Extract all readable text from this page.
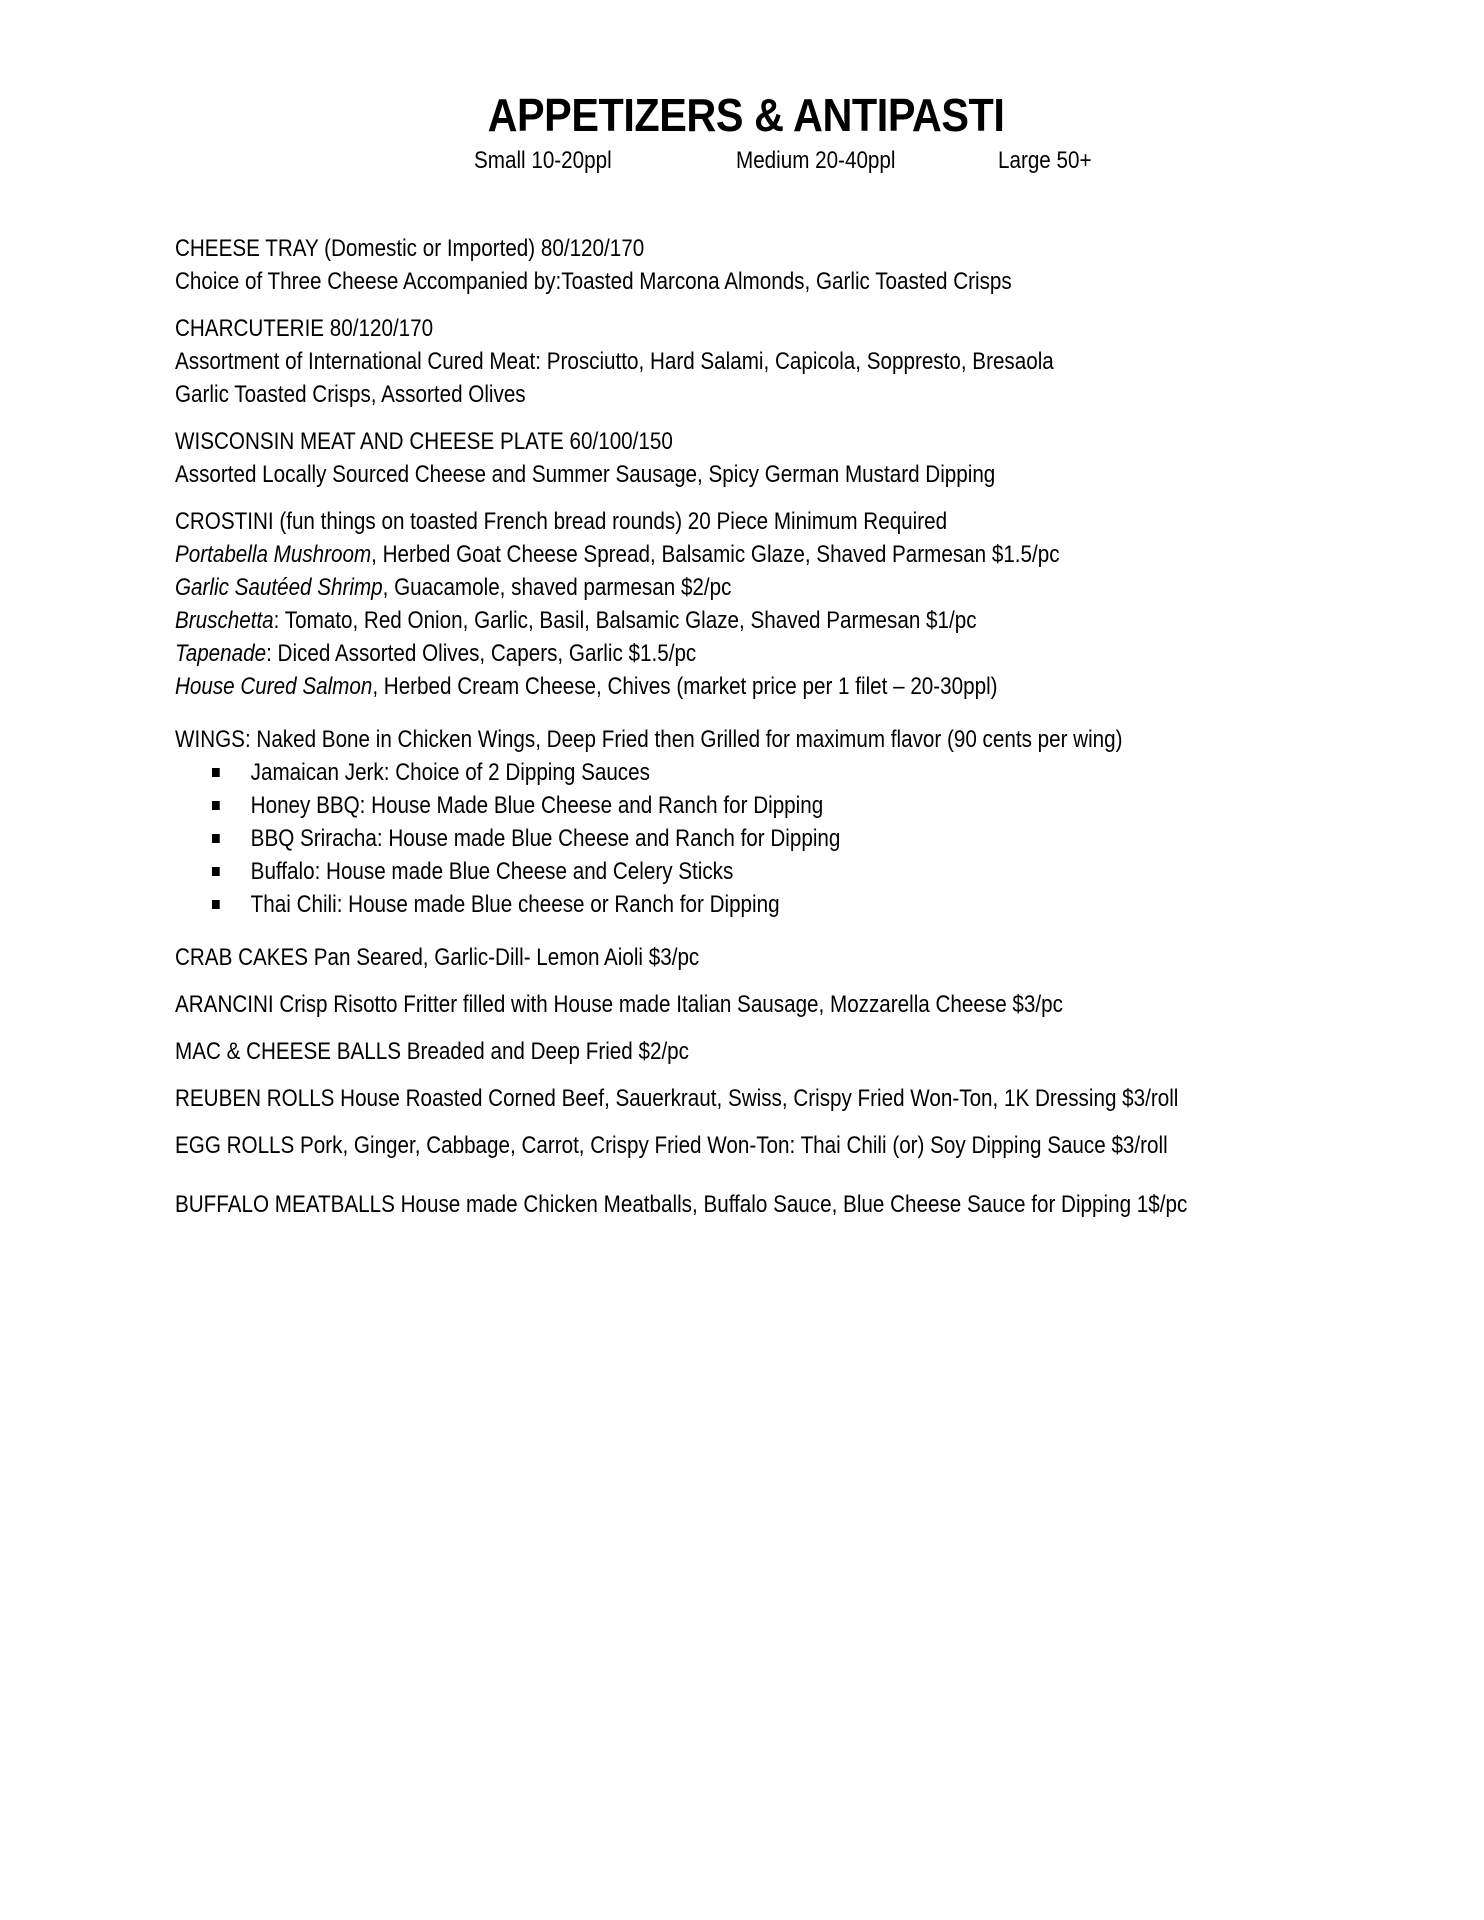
APPETIZERS & ANTIPASTI
Small 10-20ppl	Medium 20-40ppl	Large 50+
CHEESE TRAY (Domestic or Imported) 80/120/170
Choice of Three Cheese Accompanied by:Toasted Marcona Almonds, Garlic Toasted Crisps
CHARCUTERIE 80/120/170
Assortment of International Cured Meat: Prosciutto, Hard Salami, Capicola, Soppresto, Bresaola
Garlic Toasted Crisps, Assorted Olives
WISCONSIN MEAT AND CHEESE PLATE 60/100/150
Assorted Locally Sourced Cheese and Summer Sausage, Spicy German Mustard Dipping
CROSTINI (fun things on toasted French bread rounds) 20 Piece Minimum Required
Portabella Mushroom, Herbed Goat Cheese Spread, Balsamic Glaze, Shaved Parmesan $1.5/pc
Garlic Sautéed Shrimp, Guacamole, shaved parmesan $2/pc
Bruschetta: Tomato, Red Onion, Garlic, Basil, Balsamic Glaze, Shaved Parmesan $1/pc
Tapenade: Diced Assorted Olives, Capers, Garlic $1.5/pc
House Cured Salmon, Herbed Cream Cheese, Chives (market price per 1 filet – 20-30ppl)
WINGS: Naked Bone in Chicken Wings, Deep Fried then Grilled for maximum flavor (90 cents per wing)
Jamaican Jerk: Choice of 2 Dipping Sauces
Honey BBQ: House Made Blue Cheese and Ranch for Dipping
BBQ Sriracha: House made Blue Cheese and Ranch for Dipping
Buffalo: House made Blue Cheese and Celery Sticks
Thai Chili: House made Blue cheese or Ranch for Dipping
CRAB CAKES Pan Seared, Garlic-Dill- Lemon Aioli $3/pc
ARANCINI Crisp Risotto Fritter filled with House made Italian Sausage, Mozzarella Cheese $3/pc
MAC & CHEESE BALLS Breaded and Deep Fried $2/pc
REUBEN ROLLS House Roasted Corned Beef, Sauerkraut, Swiss, Crispy Fried Won-Ton, 1K Dressing $3/roll
EGG ROLLS Pork, Ginger, Cabbage, Carrot, Crispy Fried Won-Ton: Thai Chili (or) Soy Dipping Sauce $3/roll
BUFFALO MEATBALLS House made Chicken Meatballs, Buffalo Sauce, Blue Cheese Sauce for Dipping 1$/pc
